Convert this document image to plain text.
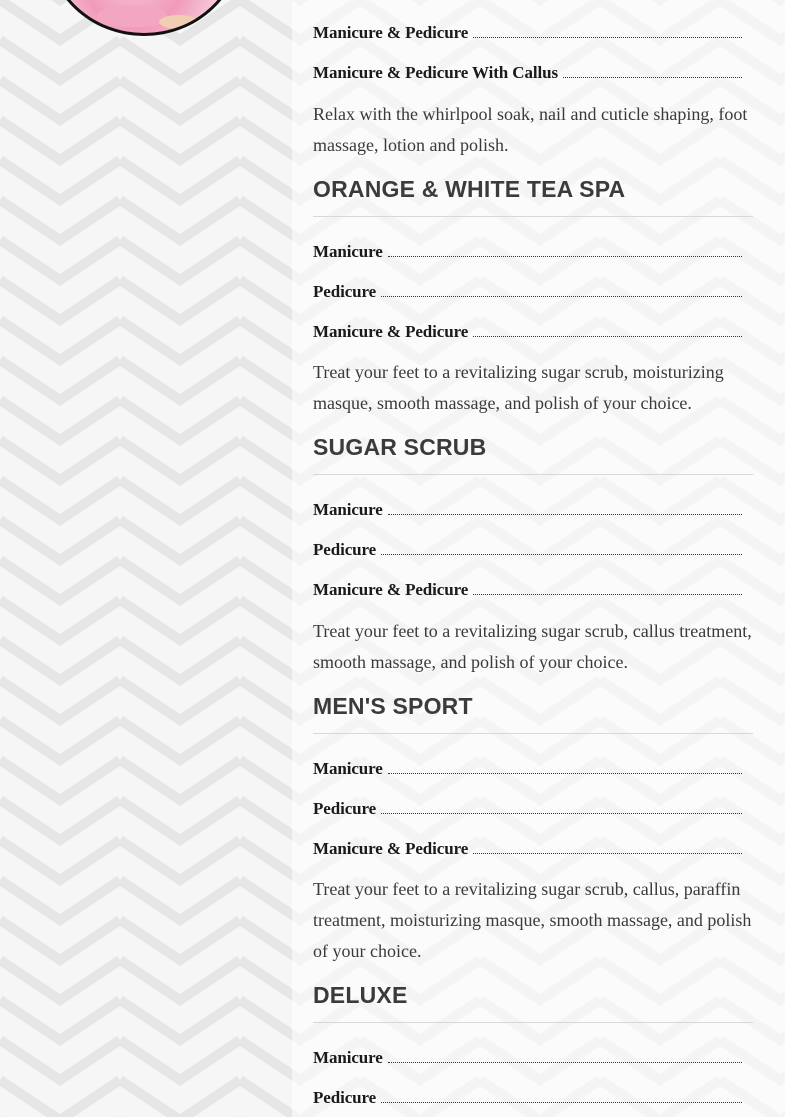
Manicure & Pedicure
Manicure & Pedicure With Callus
Relax with the whirlpool soak, nail and cuticle shaping, foot massage, lotion and polish.
ORANGE & WHITE TEA SPA
Manicure
Pedicure
Manicure & Pedicure
Treat your feet to a revitalizing sugar scrub, moisturizing masque, smooth massage, and polish of your choice.
SUGAR SCRUB
Manicure
Pedicure
Manicure & Pedicure
Treat your feet to a revitalizing sugar scrub, callus treatment, smooth massage, and polish of your choice.
MEN'S SPORT
Manicure
Pedicure
Manicure & Pedicure
Treat your feet to a revitalizing sugar scrub, callus, paraffin treatment, moisturizing masque, smooth massage, and polish of your choice.
DELUXE
Manicure
Pedicure
